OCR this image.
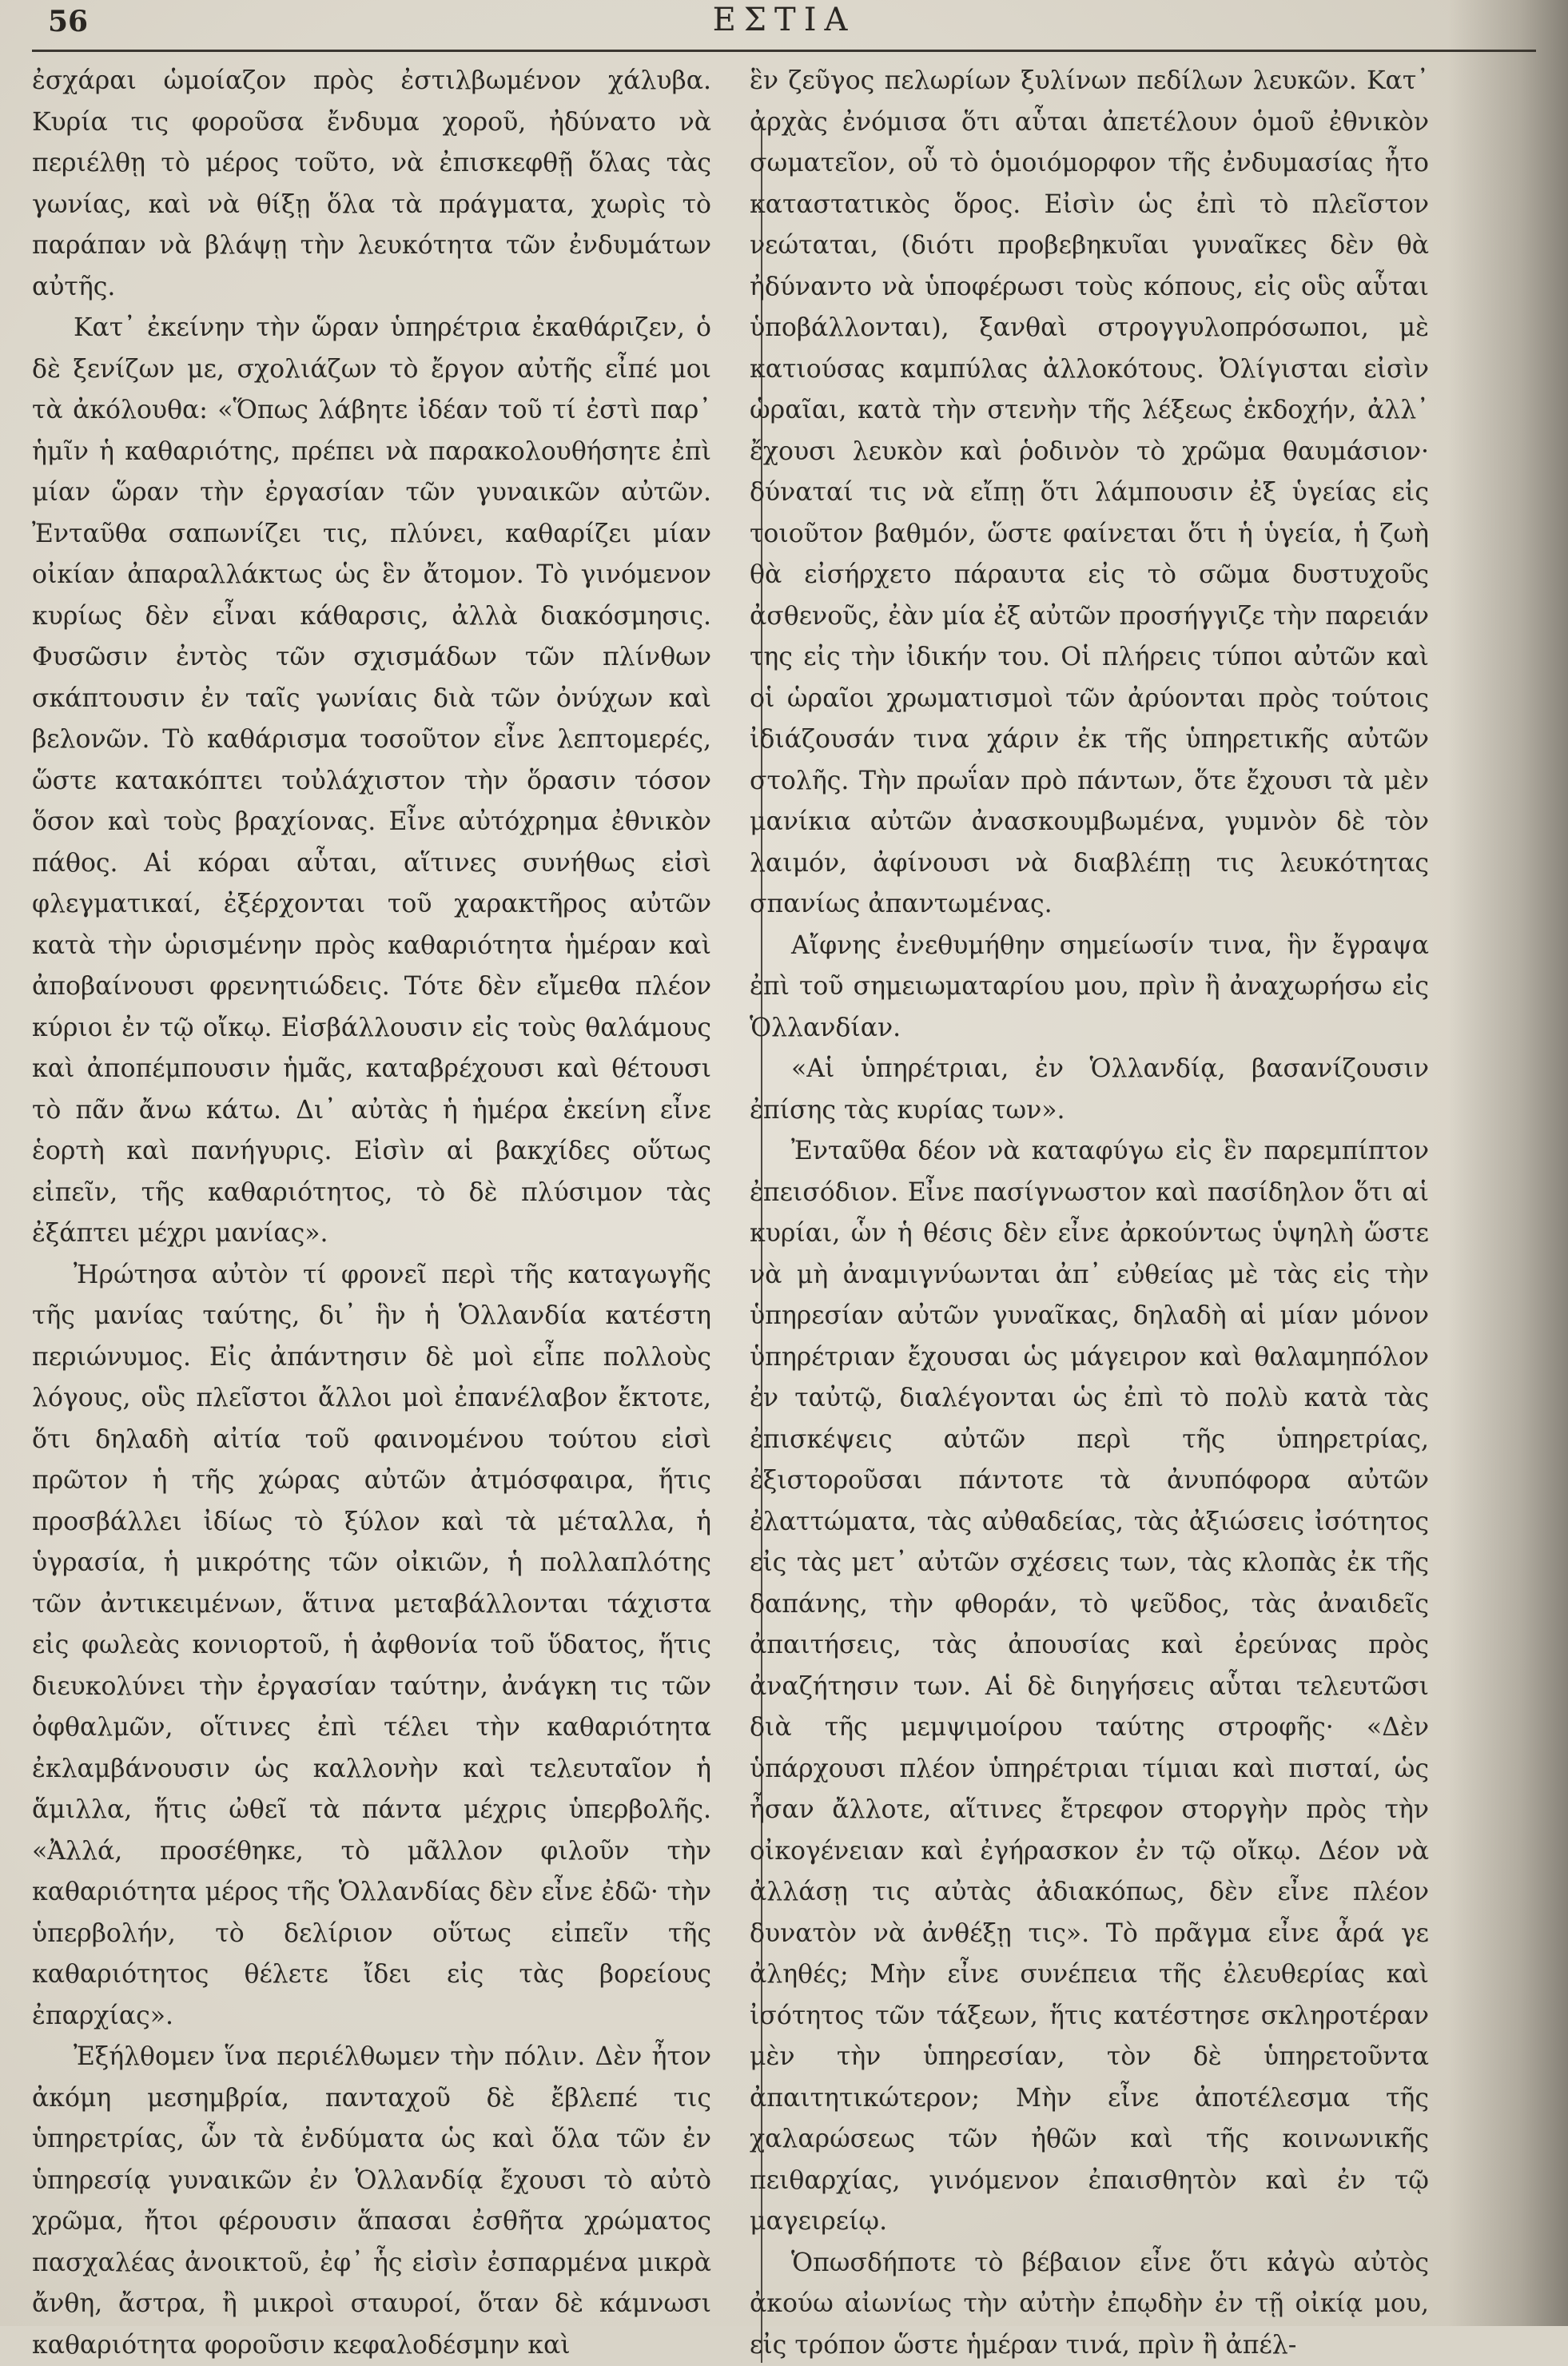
56	ΕΣΤΙΑ

ἐσχάραι ὡμοίαζον πρὸς ἐστιλβωμένον χάλυβα. Κυρία τις φοροῦσα ἔνδυμα χοροῦ, ἠδύνατο νὰ περιέλθῃ τὸ μέρος τοῦτο, νὰ ἐπισκεφθῇ ὅλας τὰς γωνίας, καὶ νὰ θίξῃ ὅλα τὰ πράγματα, χωρὶς τὸ παράπαν νὰ βλάψῃ τὴν λευκότητα τῶν ἐνδυμάτων αὐτῆς.

Κατ᾽ ἐκείνην τὴν ὥραν ὑπηρέτρια ἐκαθάριζεν, ὁ δὲ ξενίζων με, σχολιάζων τὸ ἔργον αὐτῆς εἶπέ μοι τὰ ἀκόλουθα: «Ὅπως λάβητε ἰδέαν τοῦ τί ἐστὶ παρ᾽ ἡμῖν ἡ καθαριότης, πρέπει νὰ παρακολουθήσητε ἐπὶ μίαν ὥραν τὴν ἐργασίαν τῶν γυναικῶν αὐτῶν. Ἐνταῦθα σαπωνίζει τις, πλύνει, καθαρίζει μίαν οἰκίαν ἀπαραλλάκτως ὡς ἓν ἄτομον. Τὸ γινόμενον κυρίως δὲν εἶναι κάθαρσις, ἀλλὰ διακόσμησις. Φυσῶσιν ἐντὸς τῶν σχισμάδων τῶν πλίνθων σκάπτουσιν ἐν ταῖς γωνίαις διὰ τῶν ὀνύχων καὶ βελονῶν. Τὸ καθάρισμα τοσοῦτον εἶνε λεπτομερές, ὥστε κατακόπτει τοὐλάχιστον τὴν ὅρασιν τόσον ὅσον καὶ τοὺς βραχίονας. Εἶνε αὐτόχρημα ἐθνικὸν πάθος. Αἱ κόραι αὗται, αἵτινες συνήθως εἰσὶ φλεγματικαί, ἐξέρχονται τοῦ χαρακτῆρος αὐτῶν κατὰ τὴν ὡρισμένην πρὸς καθαριότητα ἡμέραν καὶ ἀποβαίνουσι φρενητιώδεις. Τότε δὲν εἴμεθα πλέον κύριοι ἐν τῷ οἴκῳ. Εἰσβάλλουσιν εἰς τοὺς θαλάμους καὶ ἀποπέμπουσιν ἡμᾶς, καταβρέχουσι καὶ θέτουσι τὸ πᾶν ἄνω κάτω. Δι᾽ αὐτὰς ἡ ἡμέρα ἐκείνη εἶνε ἑορτὴ καὶ πανήγυρις. Εἰσὶν αἱ βακχίδες οὕτως εἰπεῖν, τῆς καθαριότητος, τὸ δὲ πλύσιμον τὰς ἐξάπτει μέχρι μανίας».

Ἠρώτησα αὐτὸν τί φρονεῖ περὶ τῆς καταγωγῆς τῆς μανίας ταύτης, δι᾽ ἣν ἡ Ὁλλανδία κατέστη περιώνυμος. Εἰς ἀπάντησιν δὲ μοὶ εἶπε πολλοὺς λόγους, οὓς πλεῖστοι ἄλλοι μοὶ ἐπανέλαβον ἔκτοτε, ὅτι δηλαδὴ αἰτία τοῦ φαινομένου τούτου εἰσὶ πρῶτον ἡ τῆς χώρας αὐτῶν ἀτμόσφαιρα, ἥτις προσβάλλει ἰδίως τὸ ξύλον καὶ τὰ μέταλλα, ἡ ὑγρασία, ἡ μικρότης τῶν οἰκιῶν, ἡ πολλαπλότης τῶν ἀντικειμένων, ἅτινα μεταβάλλονται τάχιστα εἰς φωλεὰς κονιορτοῦ, ἡ ἀφθονία τοῦ ὕδατος, ἥτις διευκολύνει τὴν ἐργασίαν ταύτην, ἀνάγκη τις τῶν ὀφθαλμῶν, οἵτινες ἐπὶ τέλει τὴν καθαριότητα ἐκλαμβάνουσιν ὡς καλλονὴν καὶ τελευταῖον ἡ ἅμιλλα, ἥτις ὠθεῖ τὰ πάντα μέχρις ὑπερβολῆς. «Ἀλλά, προσέθηκε, τὸ μᾶλλον φιλοῦν τὴν καθαριότητα μέρος τῆς Ὁλλανδίας δὲν εἶνε ἐδῶ· τὴν ὑπερβολήν, τὸ δελίριον οὕτως εἰπεῖν τῆς καθαριότητος θέλετε ἴδει εἰς τὰς βορείους ἐπαρχίας».

Ἐξήλθομεν ἵνα περιέλθωμεν τὴν πόλιν. Δὲν ἦτον ἀκόμη μεσημβρία, πανταχοῦ δὲ ἔβλεπέ τις ὑπηρετρίας, ὧν τὰ ἐνδύματα ὡς καὶ ὅλα τῶν ἐν ὑπηρεσίᾳ γυναικῶν ἐν Ὁλλανδίᾳ ἔχουσι τὸ αὐτὸ χρῶμα, ἤτοι φέρουσιν ἅπασαι ἐσθῆτα χρώματος πασχαλέας ἀνοικτοῦ, ἐφ᾽ ἧς εἰσὶν ἐσπαρμένα μικρὰ ἄνθη, ἄστρα, ἢ μικροὶ σταυροί, ὅταν δὲ κάμνωσι καθαριότητα φοροῦσιν κεφαλοδέσμην καὶ

ἓν ζεῦγος πελωρίων ξυλίνων πεδίλων λευκῶν. Κατ᾽ ἀρχὰς ἐνόμισα ὅτι αὗται ἀπετέλουν ὁμοῦ ἐθνικὸν σωματεῖον, οὗ τὸ ὁμοιόμορφον τῆς ἐνδυμασίας ἦτο καταστατικὸς ὅρος. Εἰσὶν ὡς ἐπὶ τὸ πλεῖστον νεώταται, (διότι προβεβηκυῖαι γυναῖκες δὲν θὰ ἠδύναντο νὰ ὑποφέρωσι τοὺς κόπους, εἰς οὓς αὗται ὑποβάλλονται), ξανθαὶ στρογγυλοπρόσωποι, μὲ κατιούσας καμπύλας ἀλλοκότους. Ὀλίγισται εἰσὶν ὡραῖαι, κατὰ τὴν στενὴν τῆς λέξεως ἐκδοχήν, ἀλλ᾽ ἔχουσι λευκὸν καὶ ῥοδινὸν τὸ χρῶμα θαυμάσιον· δύναταί τις νὰ εἴπῃ ὅτι λάμπουσιν ἐξ ὑγείας εἰς τοιοῦτον βαθμόν, ὥστε φαίνεται ὅτι ἡ ὑγεία, ἡ ζωὴ θὰ εἰσήρχετο πάραυτα εἰς τὸ σῶμα δυστυχοῦς ἀσθενοῦς, ἐὰν μία ἐξ αὐτῶν προσήγγιζε τὴν παρειάν της εἰς τὴν ἰδικήν του. Οἱ πλήρεις τύποι αὐτῶν καὶ οἱ ὡραῖοι χρωματισμοὶ τῶν ἀρύονται πρὸς τούτοις ἰδιάζουσάν τινα χάριν ἐκ τῆς ὑπηρετικῆς αὐτῶν στολῆς. Τὴν πρωΐαν πρὸ πάντων, ὅτε ἔχουσι τὰ μὲν μανίκια αὐτῶν ἀνασκουμβωμένα, γυμνὸν δὲ τὸν λαιμόν, ἀφίνουσι νὰ διαβλέπῃ τις λευκότητας σπανίως ἀπαντωμένας.

Αἴφνης ἐνεθυμήθην σημείωσίν τινα, ἣν ἔγραψα ἐπὶ τοῦ σημειωματαρίου μου, πρὶν ἢ ἀναχωρήσω εἰς Ὁλλανδίαν.

«Αἱ ὑπηρέτριαι, ἐν Ὁλλανδίᾳ, βασανίζουσιν ἐπίσης τὰς κυρίας των».

Ἐνταῦθα δέον νὰ καταφύγω εἰς ἓν παρεμπίπτον ἐπεισόδιον. Εἶνε πασίγνωστον καὶ πασίδηλον ὅτι αἱ κυρίαι, ὧν ἡ θέσις δὲν εἶνε ἀρκούντως ὑψηλὴ ὥστε νὰ μὴ ἀναμιγνύωνται ἀπ᾽ εὐθείας μὲ τὰς εἰς τὴν ὑπηρεσίαν αὐτῶν γυναῖκας, δηλαδὴ αἱ μίαν μόνον ὑπηρέτριαν ἔχουσαι ὡς μάγειρον καὶ θαλαμηπόλον ἐν ταὐτῷ, διαλέγονται ὡς ἐπὶ τὸ πολὺ κατὰ τὰς ἐπισκέψεις αὐτῶν περὶ τῆς ὑπηρετρίας, ἐξιστοροῦσαι πάντοτε τὰ ἀνυπόφορα αὐτῶν ἐλαττώματα, τὰς αὐθαδείας, τὰς ἀξιώσεις ἰσότητος εἰς τὰς μετ᾽ αὐτῶν σχέσεις των, τὰς κλοπὰς ἐκ τῆς δαπάνης, τὴν φθοράν, τὸ ψεῦδος, τὰς ἀναιδεῖς ἀπαιτήσεις, τὰς ἀπουσίας καὶ ἐρεύνας πρὸς ἀναζήτησιν των. Αἱ δὲ διηγήσεις αὗται τελευτῶσι διὰ τῆς μεμψιμοίρου ταύτης στροφῆς· «Δὲν ὑπάρχουσι πλέον ὑπηρέτριαι τίμιαι καὶ πισταί, ὡς ἦσαν ἄλλοτε, αἵτινες ἔτρεφον στοργὴν πρὸς τὴν οἰκογένειαν καὶ ἐγήρασκον ἐν τῷ οἴκῳ. Δέον νὰ ἀλλάσῃ τις αὐτὰς ἀδιακόπως, δὲν εἶνε πλέον δυνατὸν νὰ ἀνθέξῃ τις». Τὸ πρᾶγμα εἶνε ἆρά γε ἀληθές; Μὴν εἶνε συνέπεια τῆς ἐλευθερίας καὶ ἰσότητος τῶν τάξεων, ἥτις κατέστησε σκληροτέραν μὲν τὴν ὑπηρεσίαν, τὸν δὲ ὑπηρετοῦντα ἀπαιτητικώτερον; Μὴν εἶνε ἀποτέλεσμα τῆς χαλαρώσεως τῶν ἠθῶν καὶ τῆς κοινωνικῆς πειθαρχίας, γινόμενον ἐπαισθητὸν καὶ ἐν τῷ μαγειρείῳ.

Ὁπωσδήποτε τὸ βέβαιον εἶνε ὅτι κἀγὼ αὐτὸς ἀκούω αἰωνίως τὴν αὐτὴν ἐπῳδὴν ἐν τῇ οἰκίᾳ μου, εἰς τρόπον ὥστε ἡμέραν τινά, πρὶν ἢ ἀπέλ-
